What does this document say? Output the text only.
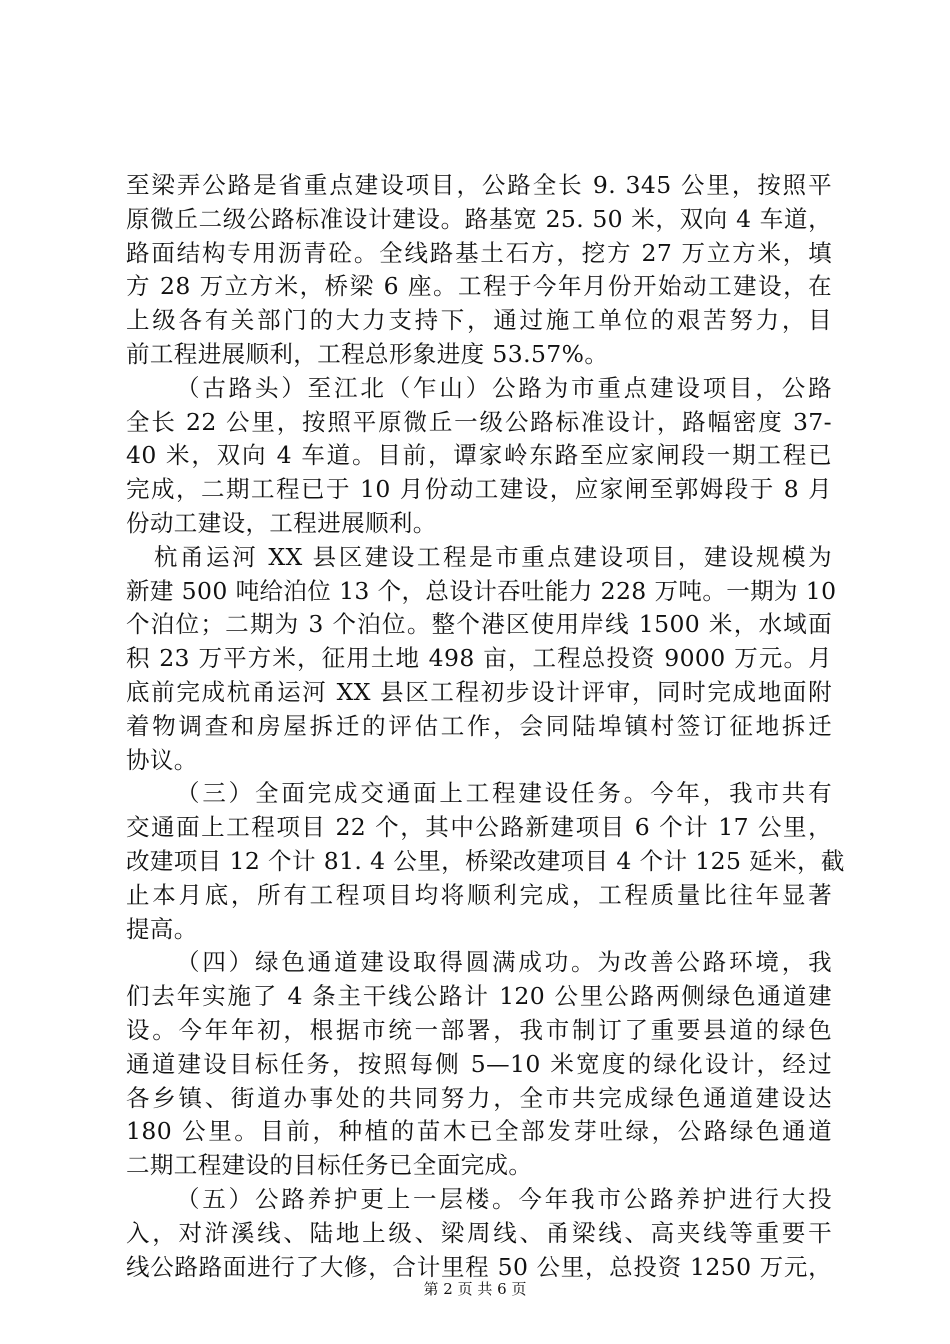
至梁弄公路是省重点建设项目，公路全长 9. 345 公里，按照平
原微丘二级公路标准设计建设。路基宽 25. 50 米，双向 4 车道，
路面结构专用沥青砼。全线路基土石方，挖方 27 万立方米，填
方 28 万立方米，桥梁 6 座。工程于今年月份开始动工建设，在
上级各有关部门的大力支持下，通过施工单位的艰苦努力，目
前工程进展顺利，工程总形象进度 53.57%。
（古路头）至江北（乍山）公路为市重点建设项目，公路
全长 22 公里，按照平原微丘一级公路标准设计，路幅密度 37-
40 米，双向 4 车道。目前，谭家岭东路至应家闸段一期工程已
完成，二期工程已于 10 月份动工建设，应家闸至郭姆段于 8 月
份动工建设，工程进展顺利。
杭甬运河 XX 县区建设工程是市重点建设项目，建设规模为
新建 500 吨给泊位 13 个，总设计吞吐能力 228 万吨。一期为 10
个泊位；二期为 3 个泊位。整个港区使用岸线 1500 米，水域面
积 23 万平方米，征用土地 498 亩，工程总投资 9000 万元。月
底前完成杭甬运河 XX 县区工程初步设计评审，同时完成地面附
着物调查和房屋拆迁的评估工作，会同陆埠镇村签订征地拆迁
协议。
（三）全面完成交通面上工程建设任务。今年，我市共有
交通面上工程项目 22 个，其中公路新建项目 6 个计 17 公里，
改建项目 12 个计 81. 4 公里，桥梁改建项目 4 个计 125 延米，截
止本月底，所有工程项目均将顺利完成，工程质量比往年显著
提高。
（四）绿色通道建设取得圆满成功。为改善公路环境，我
们去年实施了 4 条主干线公路计 120 公里公路两侧绿色通道建
设。今年年初，根据市统一部署，我市制订了重要县道的绿色
通道建设目标任务，按照每侧 5—10 米宽度的绿化设计，经过
各乡镇、街道办事处的共同努力，全市共完成绿色通道建设达
180 公里。目前，种植的苗木已全部发芽吐绿，公路绿色通道
二期工程建设的目标任务已全面完成。
（五）公路养护更上一层楼。今年我市公路养护进行大投
入，对浒溪线、陆地上级、梁周线、甬梁线、高夹线等重要干
线公路路面进行了大修，合计里程 50 公里，总投资 1250 万元，
第 2 页 共 6 页
